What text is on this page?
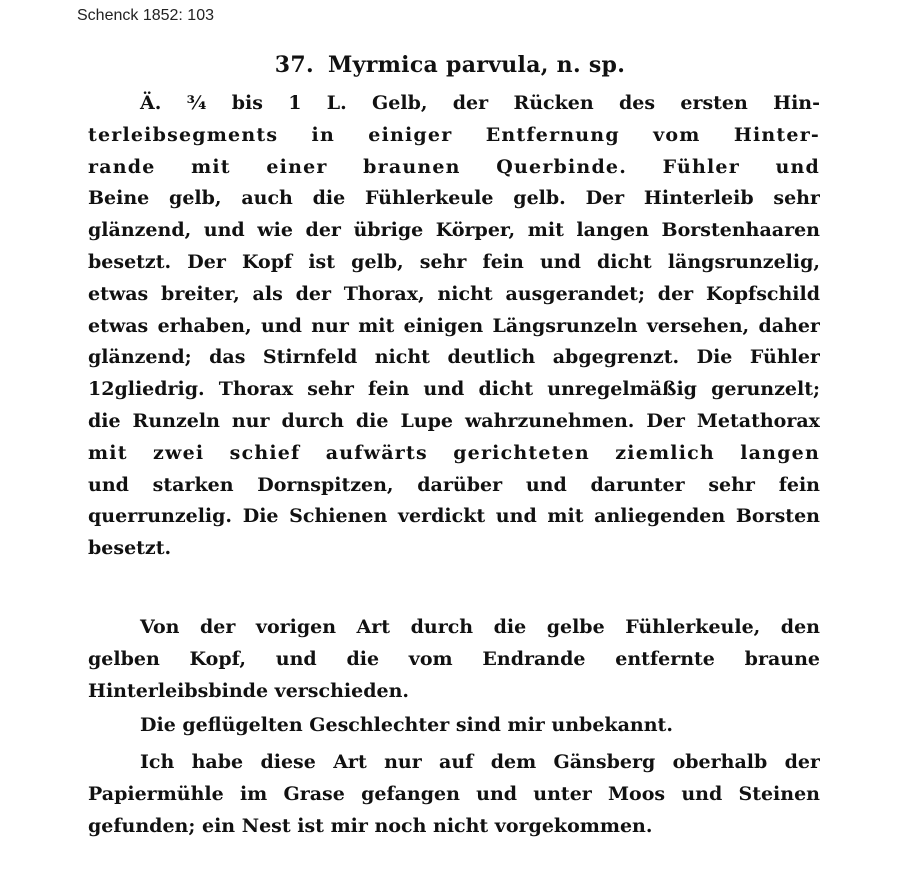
Schenck 1852: 103
37. Myrmica parvula, n. sp.
Ä. ¾ bis 1 L. Gelb, der Rücken des ersten Hin-
terleibsegments in einiger Entfernung vom Hinter-
rande mit einer braunen Querbinde. Fühler und
Beine gelb, auch die Fühlerkeule gelb. Der Hinterleib sehr
glänzend, und wie der übrige Körper, mit langen Borstenhaaren
besetzt. Der Kopf ist gelb, sehr fein und dicht längsrunzelig,
etwas breiter, als der Thorax, nicht ausgerandet; der Kopfschild
etwas erhaben, und nur mit einigen Längsrunzeln versehen, daher
glänzend; das Stirnfeld nicht deutlich abgegrenzt. Die Fühler
12gliedrig. Thorax sehr fein und dicht unregelmäßig gerunzelt;
die Runzeln nur durch die Lupe wahrzunehmen. Der Metathorax
mit zwei schief aufwärts gerichteten ziemlich langen
und starken Dornspitzen, darüber und darunter sehr fein
querrunzelig. Die Schienen verdickt und mit anliegenden Borsten
besetzt.
Von der vorigen Art durch die gelbe Fühlerkeule, den
gelben Kopf, und die vom Endrande entfernte braune
Hinterleibsbinde verschieden.
Die geflügelten Geschlechter sind mir unbekannt.
Ich habe diese Art nur auf dem Gänsberg oberhalb der
Papiermühle im Grase gefangen und unter Moos und Steinen
gefunden; ein Nest ist mir noch nicht vorgekommen.
